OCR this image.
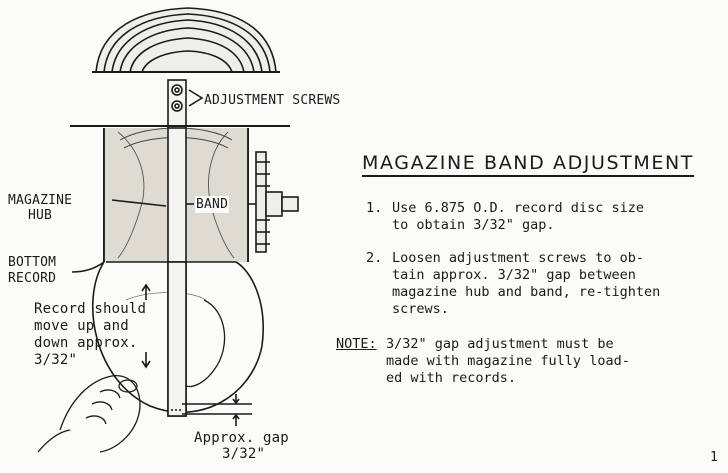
ADJUSTMENT SCREWS
MAGAZINE
HUB
BAND
BOTTOM
RECORD
Record should
move up and
down approx.
3/32"
Approx. gap
3/32"
MAGAZINE BAND ADJUSTMENT
1. Use 6.875 O.D. record disc size
to obtain 3/32" gap.
2. Loosen adjustment screws to ob-
tain approx. 3/32" gap between
magazine hub and band, re-tighten
screws.
NOTE: 3/32" gap adjustment must be
made with magazine fully load-
ed with records.
1
